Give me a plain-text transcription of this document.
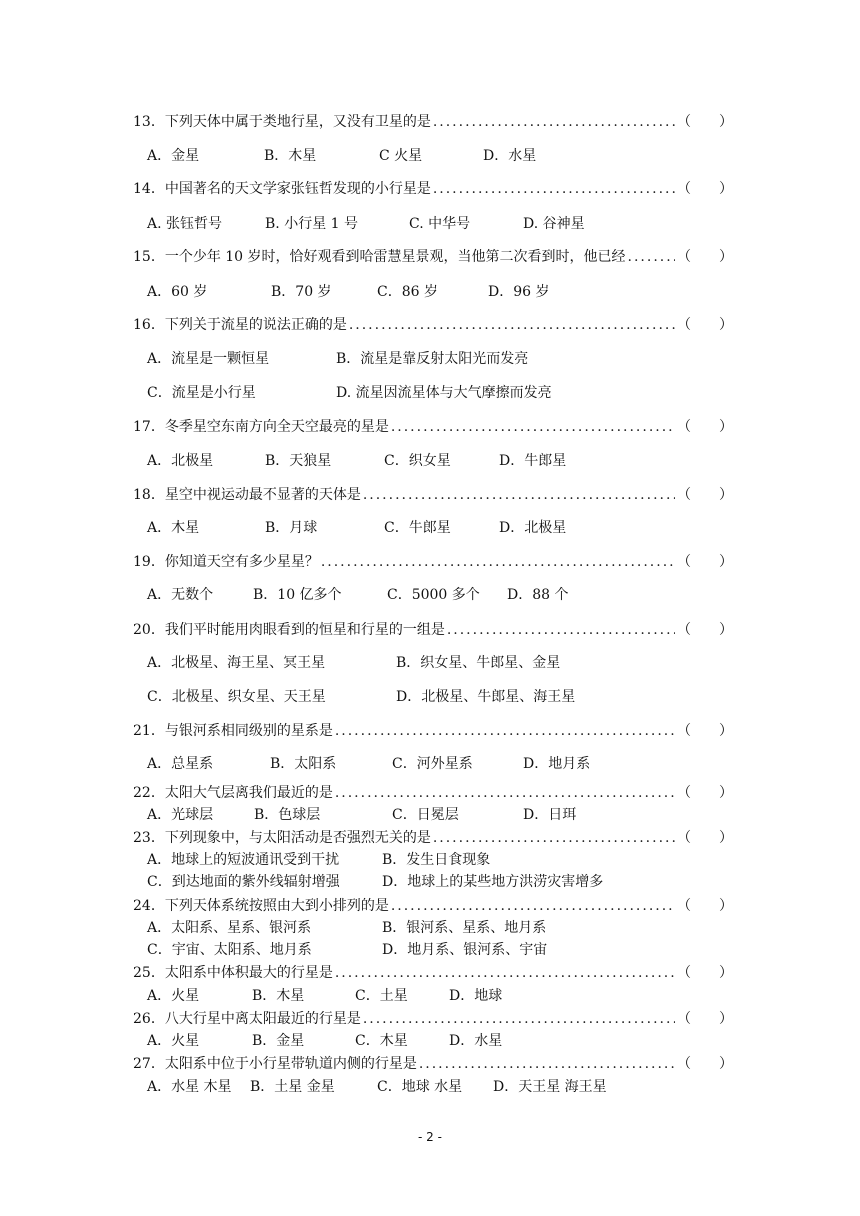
13．下列天体中属于类地行星，又没有卫星的是 .....	（ ）
A．金星	B．木星	C 火星	D．水星
14．中国著名的天文学家张钰哲发现的小行星是 .....	（ ）
A. 张钰哲号	B. 小行星 1 号	C. 中华号	D. 谷神星
15．一个少年 10 岁时，恰好观看到哈雷慧星景观，当他第二次看到时，他已经 .....	（ ）
A．60 岁	B．70 岁	C．86 岁	D．96 岁
16．下列关于流星的说法正确的是 .....	（ ）
A．流星是一颗恒星	B．流星是靠反射太阳光而发亮
C．流星是小行星	D. 流星因流星体与大气摩擦而发亮
17．冬季星空东南方向全天空最亮的星是 .....	（ ）
A．北极星	B．天狼星	C．织女星	D．牛郎星
18．星空中视运动最不显著的天体是 .....	（ ）
A．木星	B．月球	C．牛郎星	D．北极星
19．你知道天空有多少星星？ .....	（ ）
A．无数个	B．10 亿多个	C．5000 多个 D．88 个
20．我们平时能用肉眼看到的恒星和行星的一组是 .....	（ ）
A．北极星、海王星、冥王星	B．织女星、牛郎星、金星
C．北极星、织女星、天王星	D．北极星、牛郎星、海王星
21．与银河系相同级别的星系是 .....	（ ）
A．总星系	B．太阳系	C．河外星系	D．地月系
22．太阳大气层离我们最近的是 .....	（ ）
A．光球层	B．色球层	C．日冕层	D．日珥
23．下列现象中，与太阳活动是否强烈无关的是 .....	（ ）
A．地球上的短波通讯受到干扰	B．发生日食现象
C．到达地面的紫外线辐射增强	D．地球上的某些地方洪涝灾害增多
24．下列天体系统按照由大到小排列的是 .....	（ ）
A．太阳系、星系、银河系	B．银河系、星系、地月系
C．宇宙、太阳系、地月系	D．地月系、银河系、宇宙
25．太阳系中体积最大的行星是 .....	（ ）
A．火星	B．木星	C．土星	D．地球
26．八大行星中离太阳最近的行星是 .....	（ ）
A．火星	B．金星	C．木星	D．水星
27．太阳系中位于小行星带轨道内侧的行星是 .....	（ ）
A．水星 木星 B．土星 金星	C．地球 水星 D．天王星 海王星
- 2 -
